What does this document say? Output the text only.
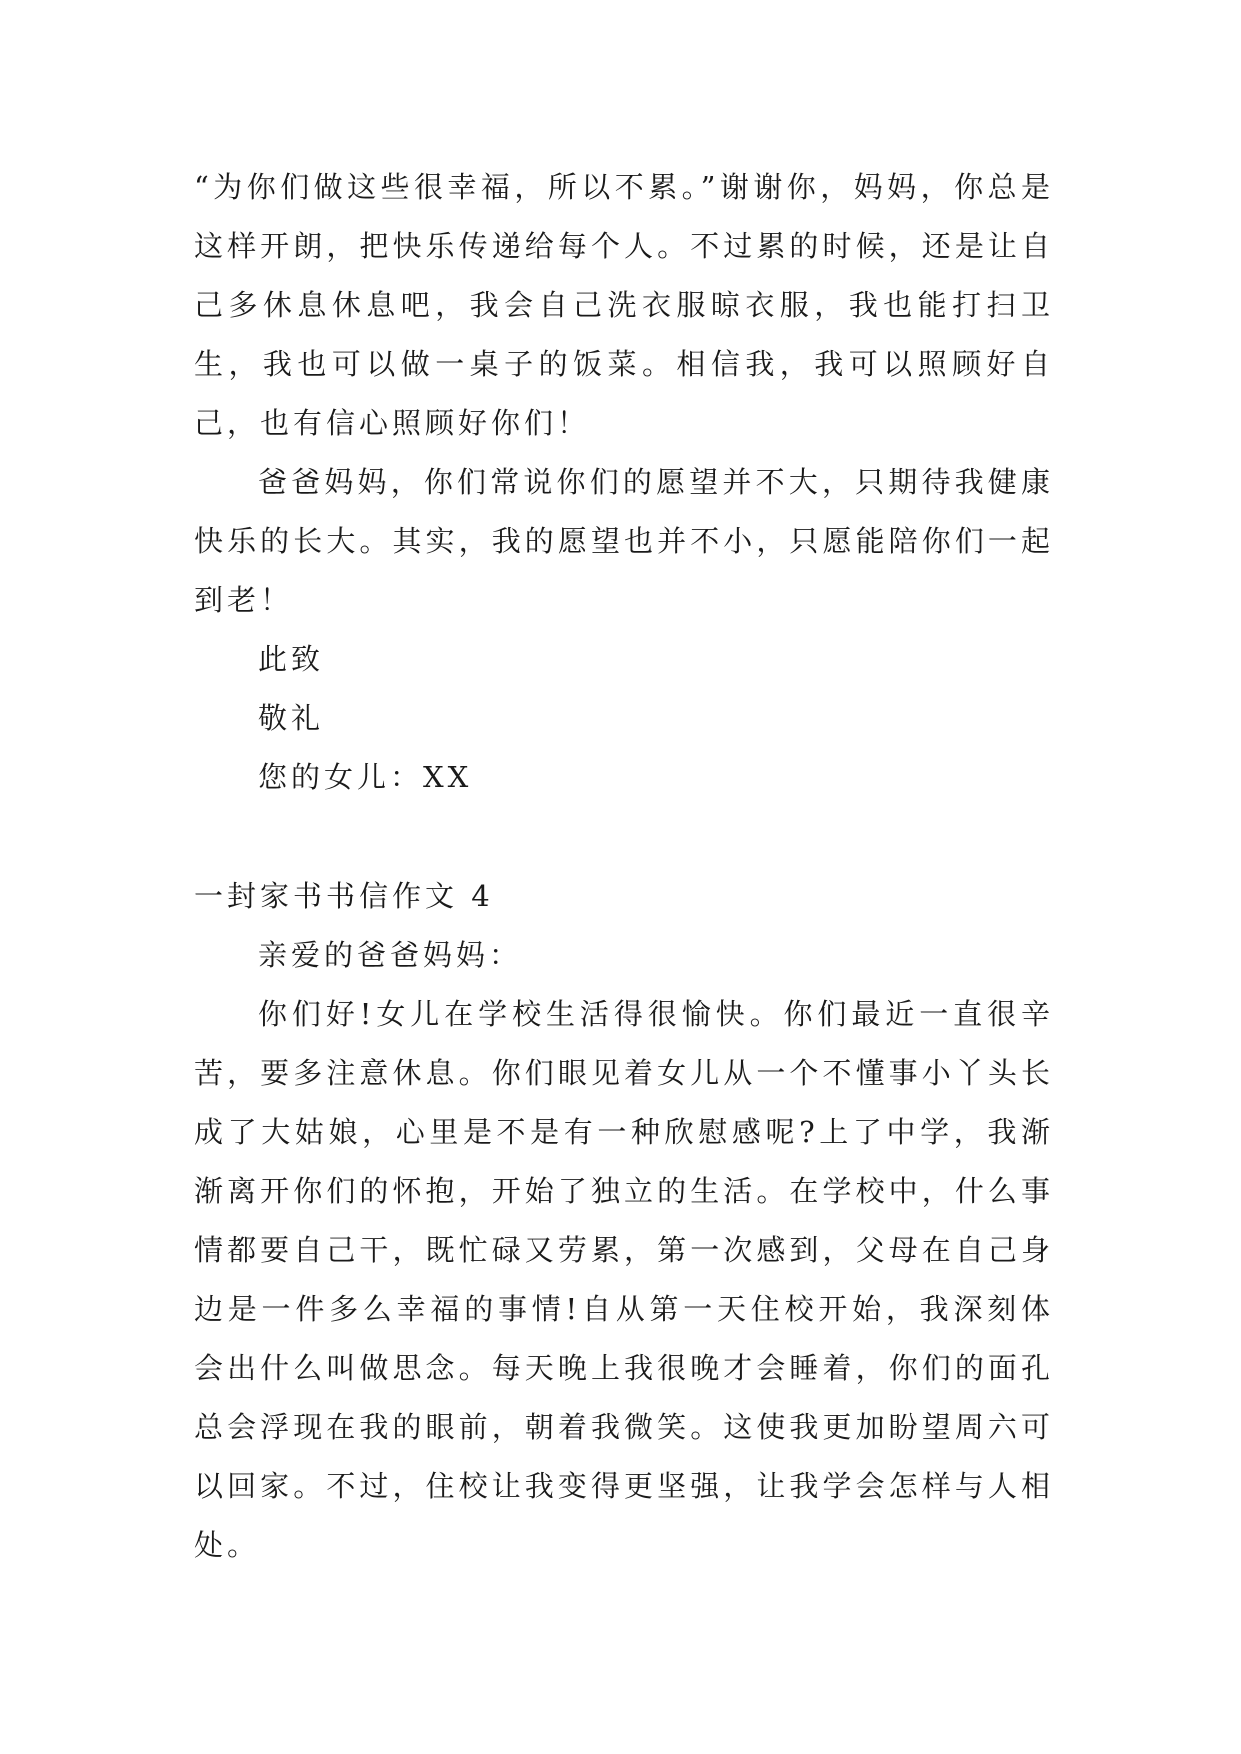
“为你们做这些很幸福，所以不累。”谢谢你，妈妈，你总是这样开朗，把快乐传递给每个人。不过累的时候，还是让自己多休息休息吧，我会自己洗衣服晾衣服，我也能打扫卫生，我也可以做一桌子的饭菜。相信我，我可以照顾好自己，也有信心照顾好你们！

爸爸妈妈，你们常说你们的愿望并不大，只期待我健康快乐的长大。其实，我的愿望也并不小，只愿能陪你们一起到老！

此致

敬礼

您的女儿：XX

一封家书书信作文 4

亲爱的爸爸妈妈：

你们好!女儿在学校生活得很愉快。你们最近一直很辛苦，要多注意休息。你们眼见着女儿从一个不懂事小丫头长成了大姑娘，心里是不是有一种欣慰感呢?上了中学，我渐渐离开你们的怀抱，开始了独立的生活。在学校中，什么事情都要自己干，既忙碌又劳累，第一次感到，父母在自己身边是一件多么幸福的事情!自从第一天住校开始，我深刻体会出什么叫做思念。每天晚上我很晚才会睡着，你们的面孔总会浮现在我的眼前，朝着我微笑。这使我更加盼望周六可以回家。不过，住校让我变得更坚强，让我学会怎样与人相处。
